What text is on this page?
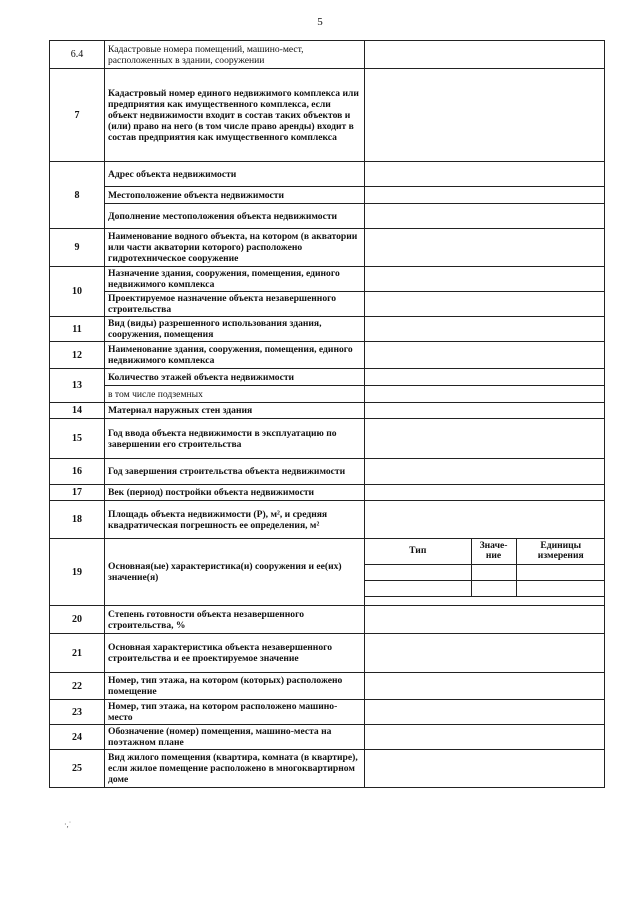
5
6.4	Кадастровые номера помещений, машино-мест, расположенных в здании, сооружении	
7	Кадастровый номер единого недвижимого комплекса или предприятия как имущественного комплекса, если объект недвижимости входит в состав таких объектов и (или) право на него (в том числе право аренды) входит в состав предприятия как имущественного комплекса	
8	Адрес объекта недвижимости	
Местоположение объекта недвижимости	
Дополнение местоположения объекта недвижимости	
9	Наименование водного объекта, на котором (в акватории или части акватории которого) расположено гидротехническое сооружение	
10	Назначение здания, сооружения, помещения, единого недвижимого комплекса	
Проектируемое назначение объекта незавершенного строительства	
11	Вид (виды) разрешенного использования здания, сооружения, помещения	
12	Наименование здания, сооружения, помещения, единого недвижимого комплекса	
13	Количество этажей объекта недвижимости	
в том числе подземных	
14	Материал наружных стен здания	
15	Год ввода объекта недвижимости в эксплуатацию по завершении его строительства	
16	Год завершения строительства объекта недвижимости	
17	Век (период) постройки объекта недвижимости	
18	Площадь объекта недвижимости (P), м², и средняя квадратическая погрешность ее определения, м²	
19	Основная(ые) характеристика(и) сооружения и ее(их) значение(я)	
Тип	Значе-ние	Единицы измерения

20	Степень готовности объекта незавершенного строительства, %	
21	Основная характеристика объекта незавершенного строительства и ее проектируемое значение	
22	Номер, тип этажа, на котором (которых) расположено помещение	
23	Номер, тип этажа, на котором расположено машино-место	
24	Обозначение (номер) помещения, машино-места на поэтажном плане	
25	Вид жилого помещения (квартира, комната (в квартире), если жилое помещение расположено в многоквартирном доме	
·,˙
